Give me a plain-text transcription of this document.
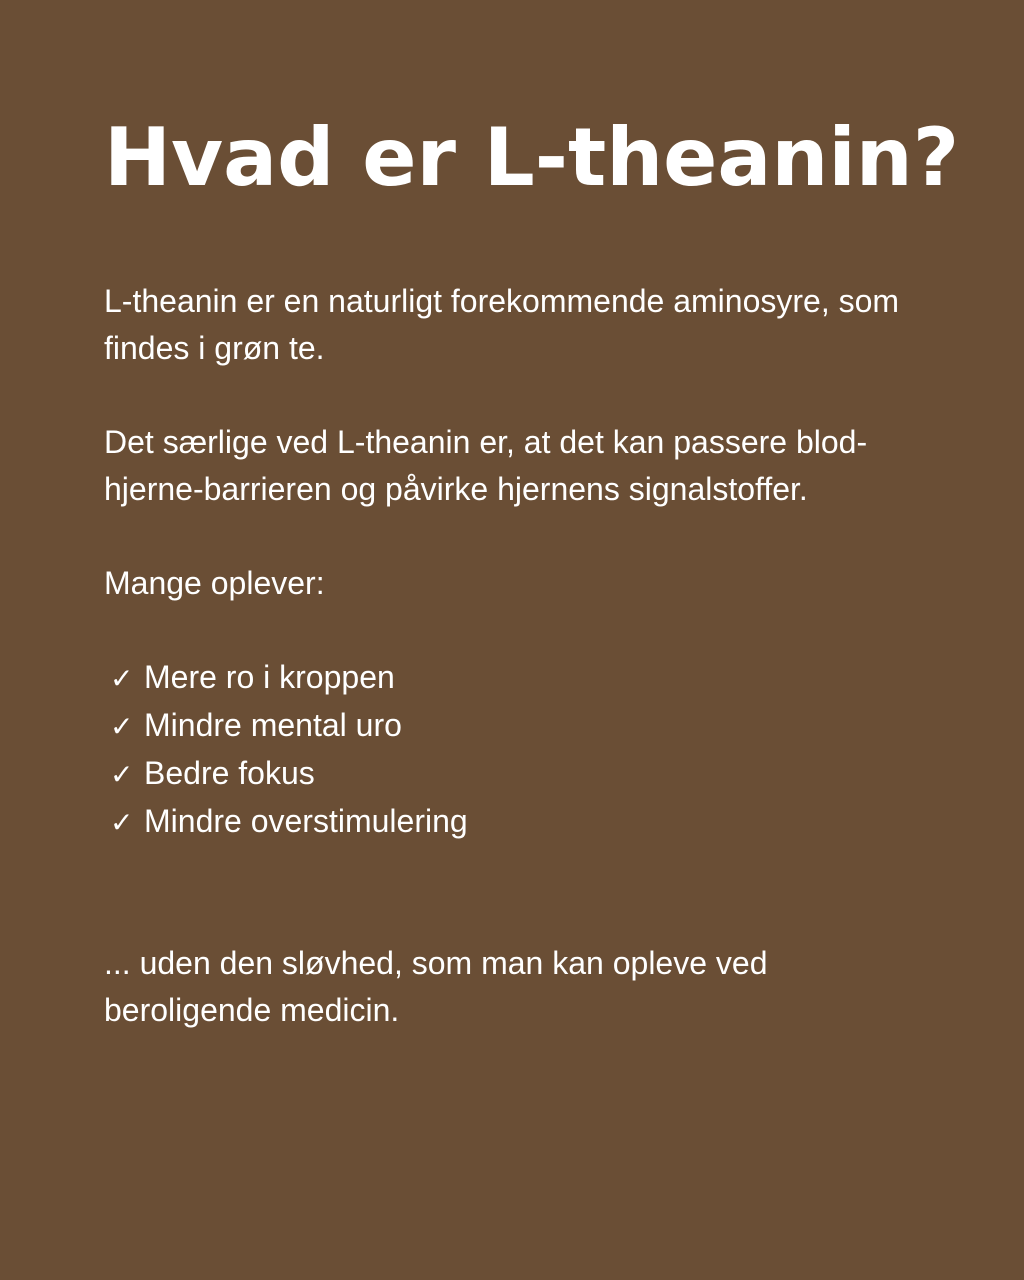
Hvad er L-theanin?

L-theanin er en naturligt forekommende aminosyre, som findes i grøn te.

Det særlige ved L-theanin er, at det kan passere blod-hjerne-barrieren og påvirke hjernens signalstoffer.

Mange oplever:

✓ Mere ro i kroppen
✓ Mindre mental uro
✓ Bedre fokus
✓ Mindre overstimulering

... uden den sløvhed, som man kan opleve ved beroligende medicin.
